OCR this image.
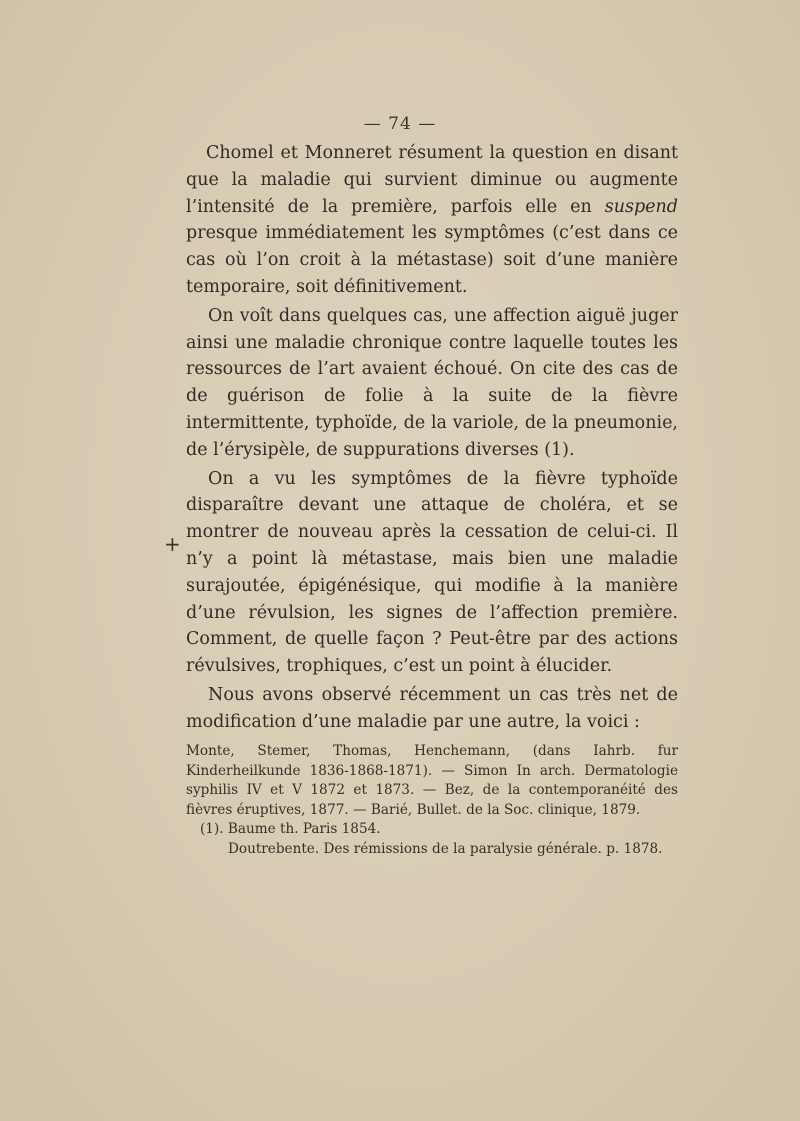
— 74 —
+

Chomel et Monneret résument la question en disant que la maladie qui survient diminue ou augmente l’intensité de la première, parfois elle en suspend presque immédiatement les symptômes (c’est dans ce cas où l’on croit à la métastase) soit d’une manière temporaire, soit définitivement.

On voît dans quelques cas, une affection aiguë juger ainsi une maladie chronique contre laquelle toutes les ressources de l’art avaient échoué. On cite des cas de de guérison de folie à la suite de la fièvre intermittente, typhoïde, de la variole, de la pneumonie, de l’érysipèle, de suppurations diverses (1).

On a vu les symptômes de la fièvre typhoïde disparaître devant une attaque de choléra, et se montrer de nouveau après la cessation de celui-ci. Il n’y a point là métastase, mais bien une maladie surajoutée, épigénésique, qui modifie à la manière d’une révulsion, les signes de l’affection première. Comment, de quelle façon ? Peut-être par des actions révulsives, trophiques, c’est un point à élucider.

Nous avons observé récemment un cas très net de modification d’une maladie par une autre, la voici :

Monte, Stemer, Thomas, Henchemann, (dans Iahrb. fur Kinderheilkunde 1836-1868-1871). — Simon In arch. Dermatologie syphilis IV et V 1872 et 1873. — Bez, de la contemporanéité des fièvres éruptives, 1877. — Barié, Bullet. de la Soc. clinique, 1879.

(1). Baume th. Paris 1854.

Doutrebente. Des rémissions de la paralysie générale. p. 1878.
